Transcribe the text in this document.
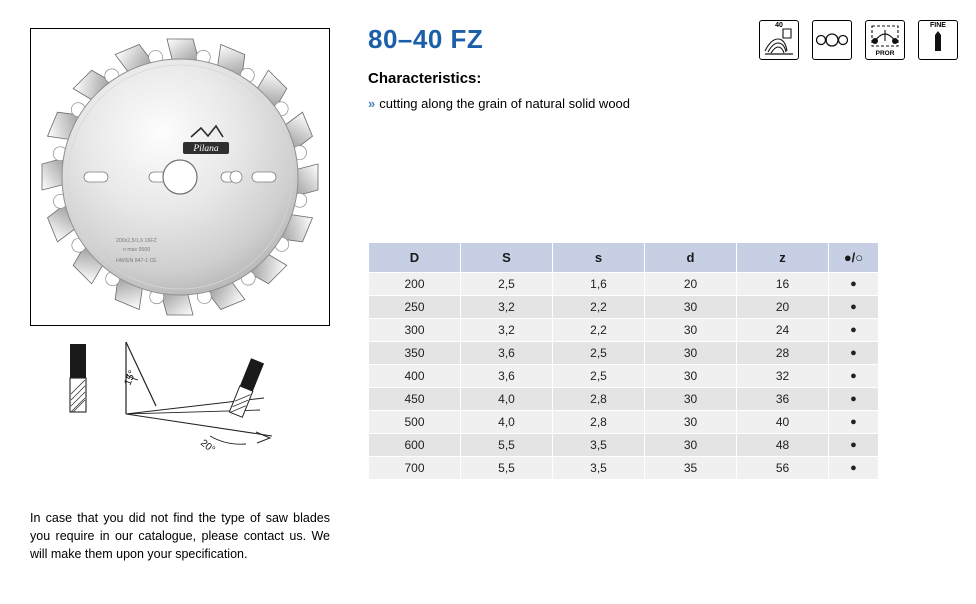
Pilana
200x2,5/1,6 16FZ
n max 9500
HW/EN 847-1 CE
15°
20°
In case that you did not find the type of saw blades you require in our catalogue, please contact us. We will make them upon your specification.
80–40 FZ
Characteristics:
» cutting along the grain of natural solid wood
40
PROR
FINE
D	S	s	d	z	●/○
200	2,5	1,6	20	16	●
250	3,2	2,2	30	20	●
300	3,2	2,2	30	24	●
350	3,6	2,5	30	28	●
400	3,6	2,5	30	32	●
450	4,0	2,8	30	36	●
500	4,0	2,8	30	40	●
600	5,5	3,5	30	48	●
700	5,5	3,5	35	56	●
